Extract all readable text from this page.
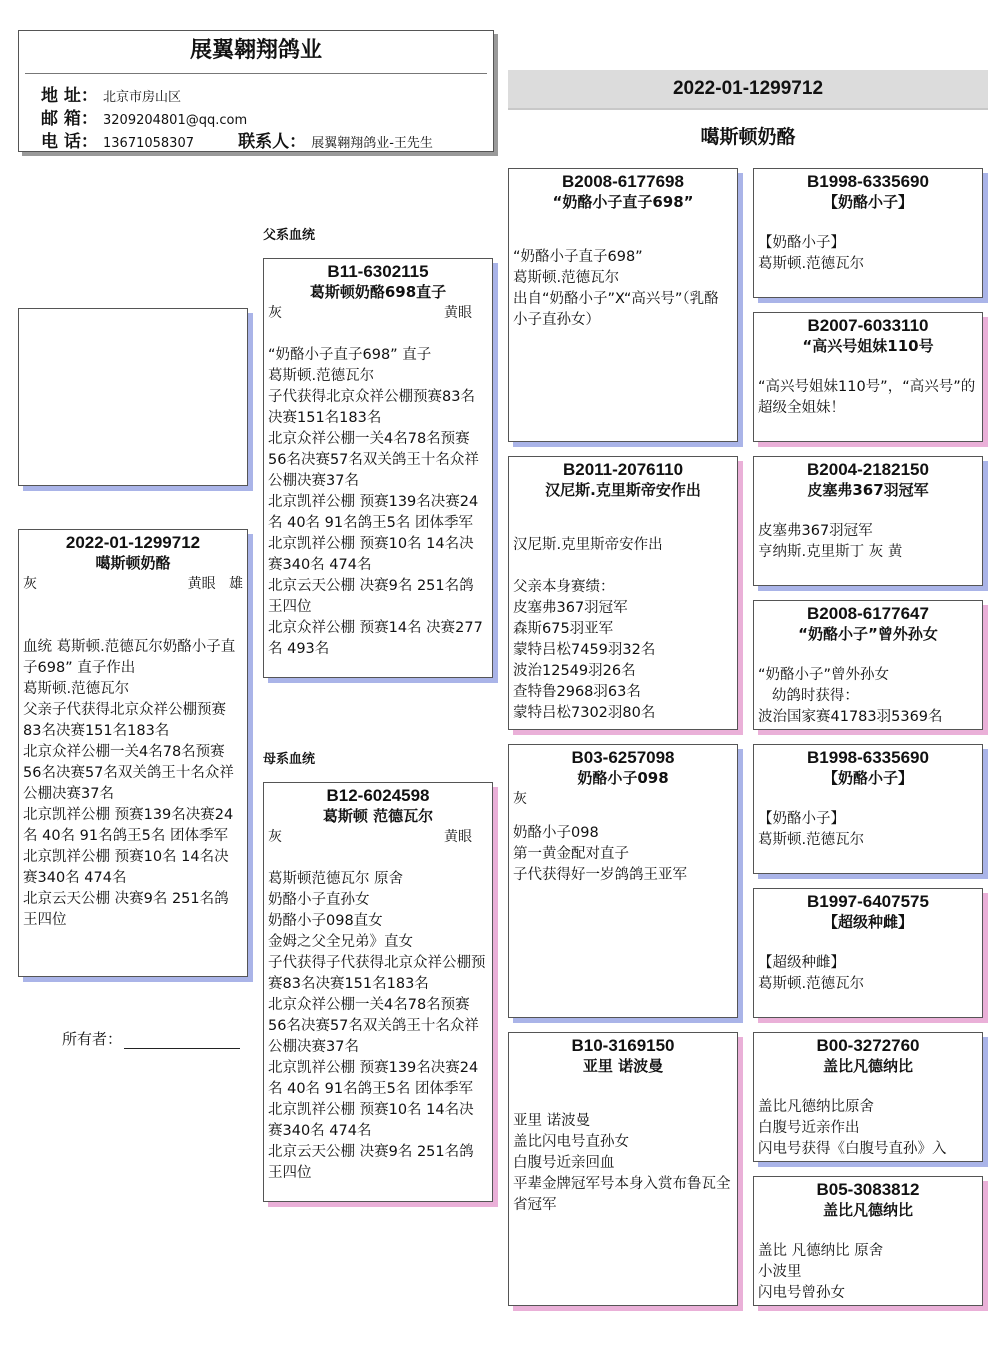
展翼翱翔鸽业
地 址： 北京市房山区
邮 箱： 3209204801@qq.com
电 话： 13671058307	联系人： 展翼翱翔鸽业-王先生
2022-01-1299712
噶斯顿奶酪
2022-01-1299712
噶斯顿奶酪
灰	黄眼 雄
血统 葛斯顿.范德瓦尔奶酪小子直子698” 直子作出
葛斯顿.范德瓦尔
父亲子代获得北京众祥公棚预赛83名决赛151名183名
北京众祥公棚一关4名78名预赛56名决赛57名双关鸽王十名众祥公棚决赛37名
北京凯祥公棚 预赛139名决赛24名 40名 91名鸽王5名 团体季军
北京凯祥公棚 预赛10名 14名决赛340名 474名
北京云天公棚 决赛9名 251名鸽王四位
所有者：
父系血统
母系血统
B11-6302115
葛斯顿奶酪698直子
灰	黄眼
“奶酪小子直子698” 直子
葛斯顿.范德瓦尔
子代获得北京众祥公棚预赛83名决赛151名183名
北京众祥公棚一关4名78名预赛56名决赛57名双关鸽王十名众祥公棚决赛37名
北京凯祥公棚 预赛139名决赛24名 40名 91名鸽王5名 团体季军
北京凯祥公棚 预赛10名 14名决赛340名 474名
北京云天公棚 决赛9名 251名鸽王四位
北京众祥公棚 预赛14名 决赛277名 493名
B12-6024598
葛斯顿 范德瓦尔
灰	黄眼
葛斯顿范德瓦尔 原舍
奶酪小子直孙女
奶酪小子098直女
金姆之父全兄弟》直女
子代获得子代获得北京众祥公棚预赛83名决赛151名183名
北京众祥公棚一关4名78名预赛56名决赛57名双关鸽王十名众祥公棚决赛37名
北京凯祥公棚 预赛139名决赛24名 40名 91名鸽王5名 团体季军
北京凯祥公棚 预赛10名 14名决赛340名 474名
北京云天公棚 决赛9名 251名鸽王四位
B2008-6177698
“奶酪小子直子698”
“奶酪小子直子698”
葛斯顿.范德瓦尔
出自“奶酪小子”X“高兴号”（乳酪小子直孙女）
B2011-2076110
汉尼斯.克里斯帝安作出
汉尼斯.克里斯帝安作出

父亲本身赛绩：
皮塞弗367羽冠军
森斯675羽亚军
蒙特吕松7459羽32名
波治12549羽26名
查特鲁2968羽63名
蒙特吕松7302羽80名
B03-6257098
奶酪小子098
灰
奶酪小子098
第一黄金配对直子
子代获得好一岁鸽鸽王亚军
B10-3169150
亚里 诺波曼
亚里 诺波曼
盖比闪电号直孙女
白腹号近亲回血
平辈金牌冠军号本身入赏布鲁瓦全省冠军
B1998-6335690
【奶酪小子】
【奶酪小子】
葛斯顿.范德瓦尔
B2007-6033110
“高兴号姐妹110号
“高兴号姐妹110号”，“高兴号”的超级全姐妹！
B2004-2182150
皮塞弗367羽冠军
皮塞弗367羽冠军
亨纳斯.克里斯丁 灰 黄
B2008-6177647
“奶酪小子”曾外孙女
“奶酪小子”曾外孙女
幼鸽时获得：
波治国家赛41783羽5369名
B1998-6335690
【奶酪小子】
【奶酪小子】
葛斯顿.范德瓦尔
B1997-6407575
【超级种雌】
【超级种雌】
葛斯顿.范德瓦尔
B00-3272760
盖比凡德纳比
盖比凡德纳比原舍
白腹号近亲作出
闪电号获得《白腹号直孙》入
B05-3083812
盖比凡德纳比
盖比 凡德纳比 原舍
小波里
闪电号曾孙女
